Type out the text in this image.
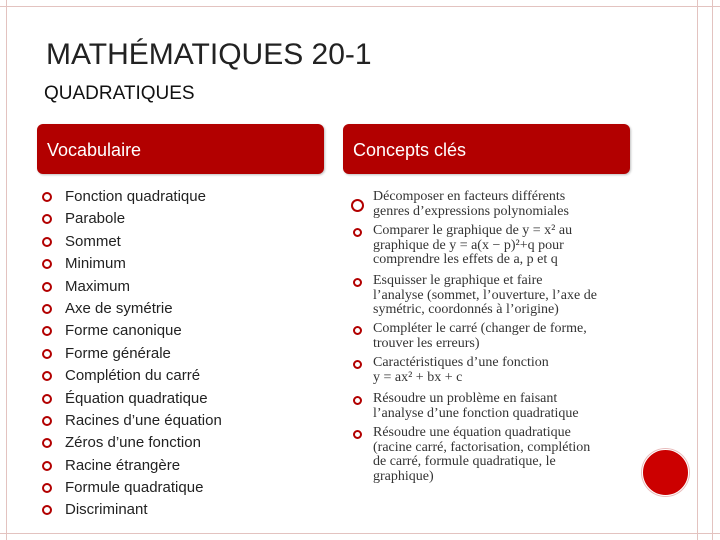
MATHÉMATIQUES 20-1
QUADRATIQUES
Vocabulaire	Concepts clés
Fonction quadratique
Parabole
Sommet
Minimum
Maximum
Axe de symétrie
Forme canonique
Forme générale
Complétion du carré
Équation quadratique
Racines d’une équation
Zéros d’une fonction
Racine étrangère
Formule quadratique
Discriminant
Décomposer en facteurs différents
genres d’expressions polynomiales
Comparer le graphique de y = x² au
graphique de y = a(x − p)²+q pour
comprendre les effets de a, p et q
Esquisser le graphique et faire
l’analyse (sommet, l’ouverture, l’axe de
symétric, coordonnés à l’origine)
Compléter le carré (changer de forme,
trouver les erreurs)
Caractéristiques d’une fonction
y = ax² + bx + c
Résoudre un problème en faisant
l’analyse d’une fonction quadratique
Résoudre une équation quadratique
(racine carré, factorisation, complétion
de carré, formule quadratique, le
graphique)
